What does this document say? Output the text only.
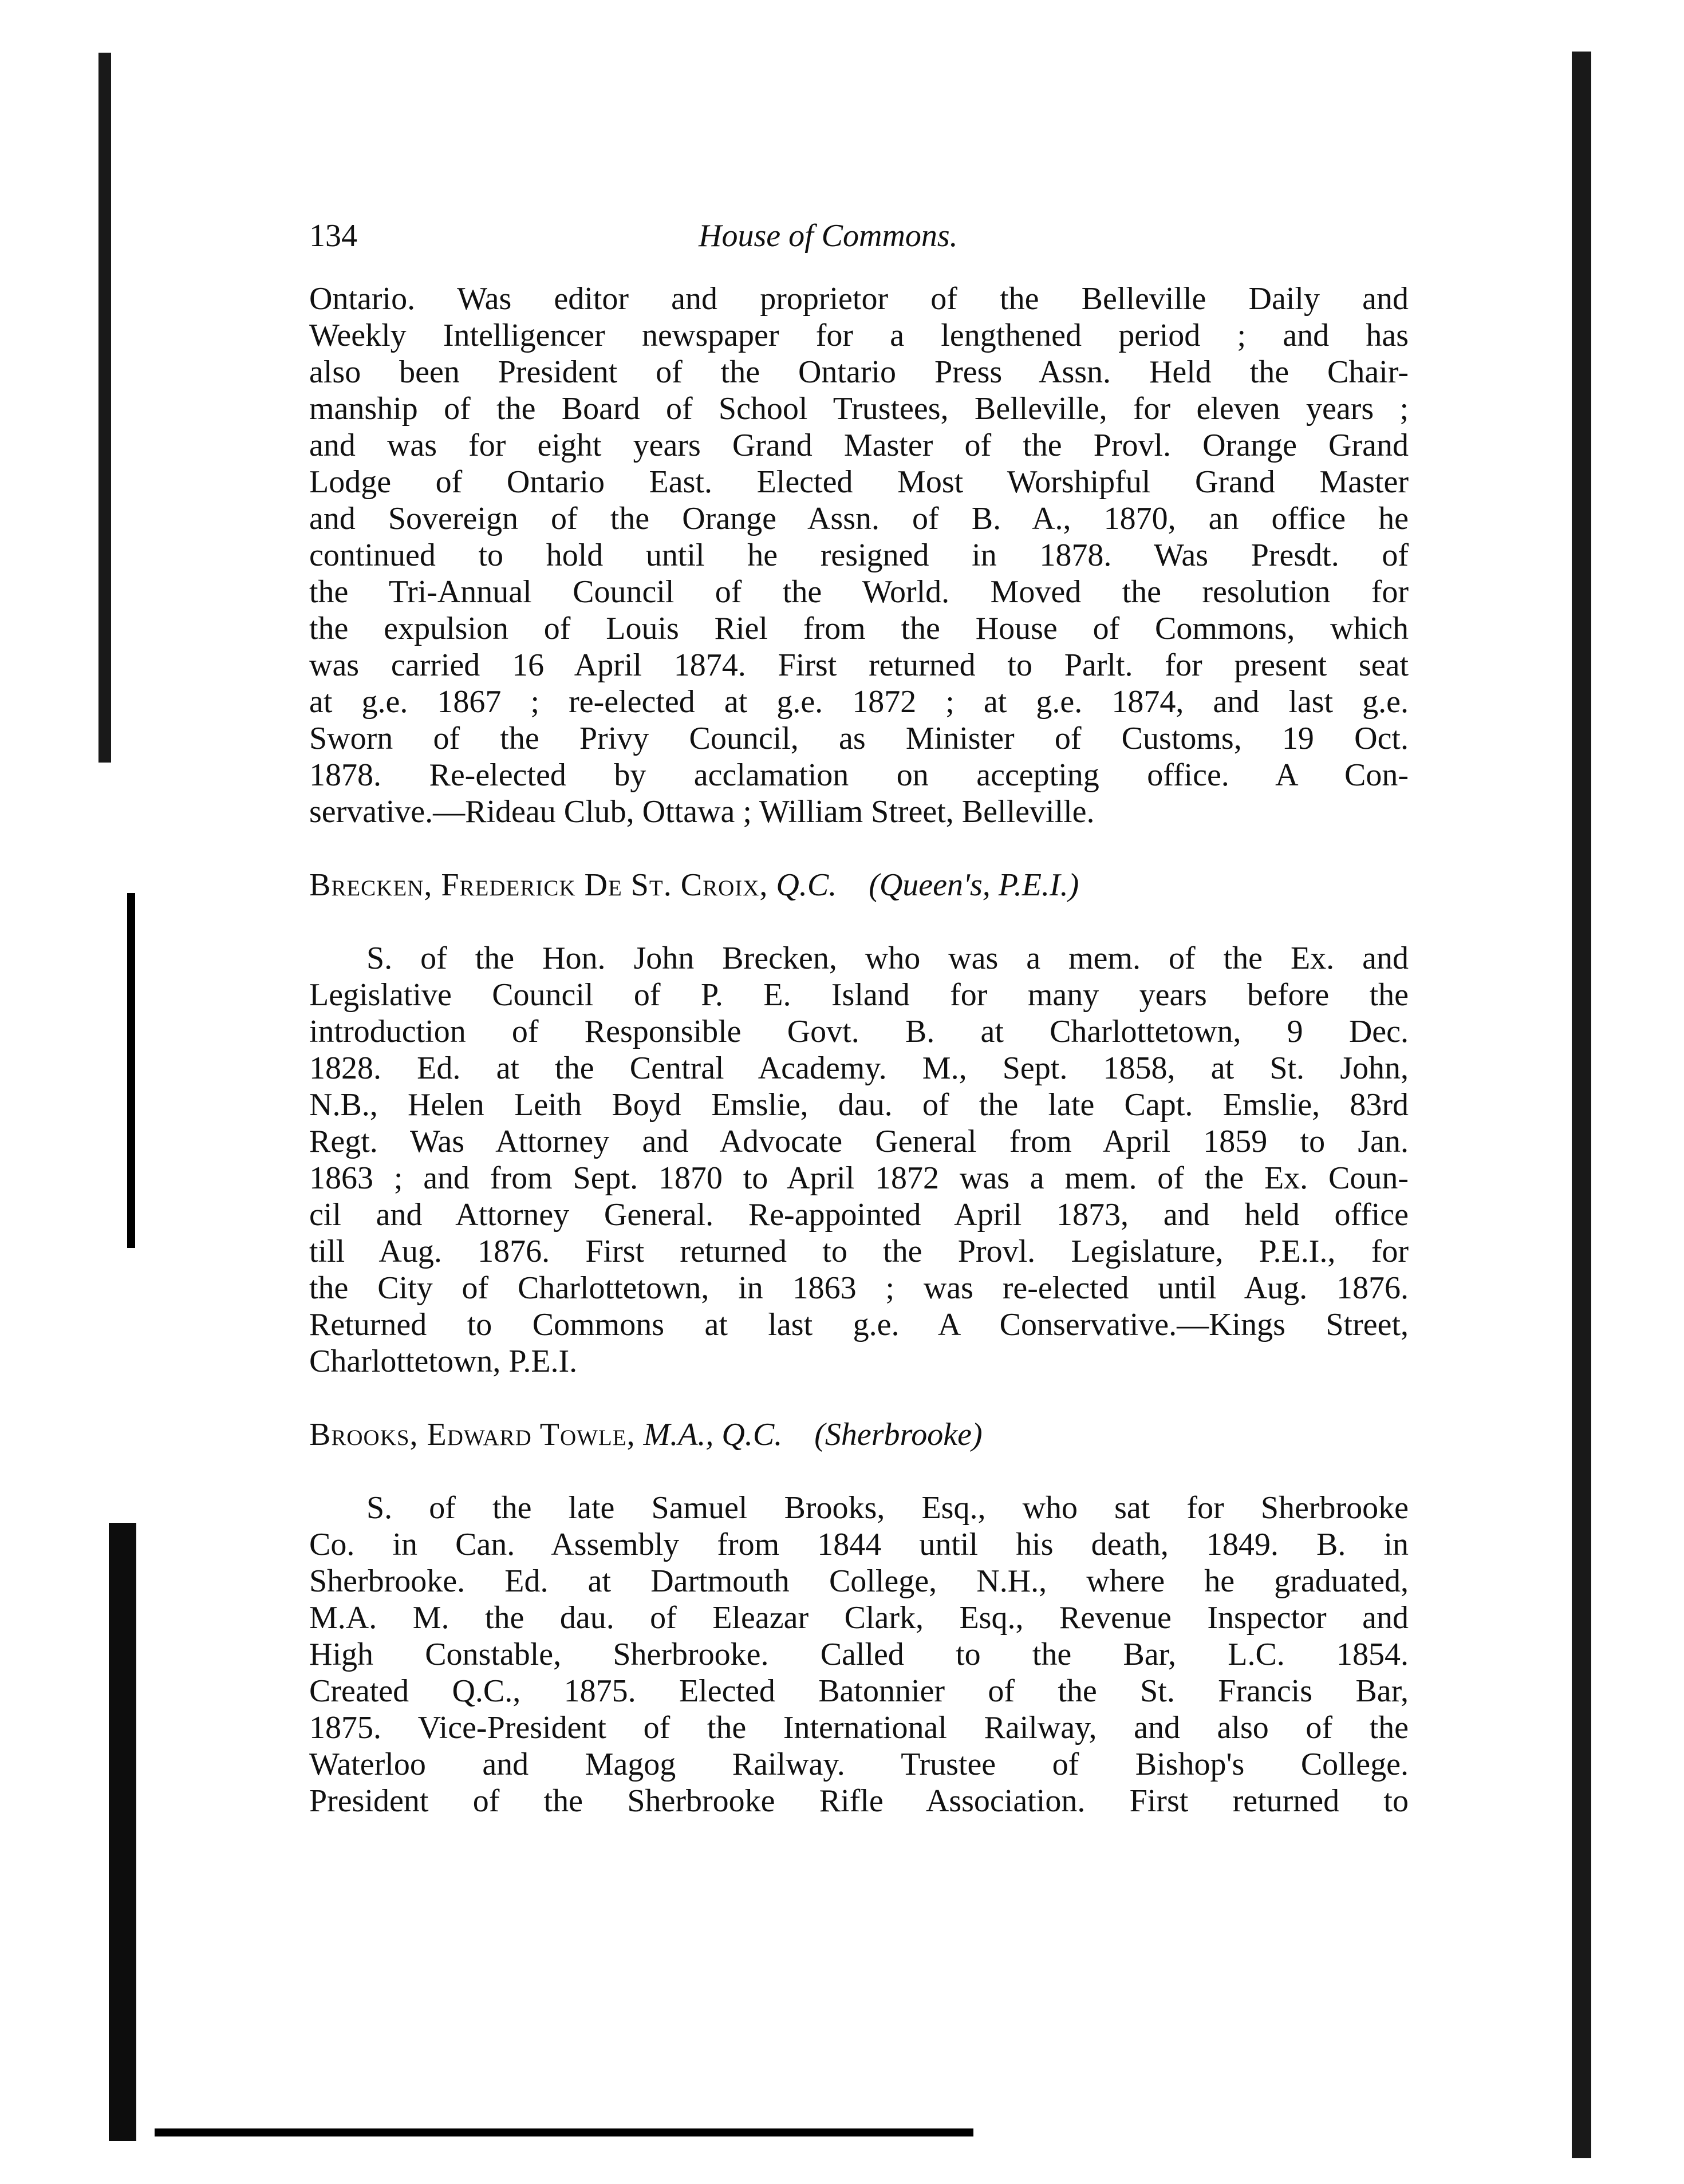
134	House of Commons.
Ontario. Was editor and proprietor of the Belleville Daily and
Weekly Intelligencer newspaper for a lengthened period ; and has
also been President of the Ontario Press Assn. Held the Chair-
manship of the Board of School Trustees, Belleville, for eleven years ;
and was for eight years Grand Master of the Provl. Orange Grand
Lodge of Ontario East. Elected Most Worshipful Grand Master
and Sovereign of the Orange Assn. of B. A., 1870, an office he
continued to hold until he resigned in 1878. Was Presdt. of
the Tri-Annual Council of the World. Moved the resolution for
the expulsion of Louis Riel from the House of Commons, which
was carried 16 April 1874. First returned to Parlt. for present seat
at g.e. 1867 ; re-elected at g.e. 1872 ; at g.e. 1874, and last g.e.
Sworn of the Privy Council, as Minister of Customs, 19 Oct.
1878. Re-elected by acclamation on accepting office. A Con-
servative.—Rideau Club, Ottawa ; William Street, Belleville.
Brecken, Frederick De St. Croix, Q.C. (Queen's, P.E.I.)
S. of the Hon. John Brecken, who was a mem. of the Ex. and
Legislative Council of P. E. Island for many years before the
introduction of Responsible Govt. B. at Charlottetown, 9 Dec.
1828. Ed. at the Central Academy. M., Sept. 1858, at St. John,
N.B., Helen Leith Boyd Emslie, dau. of the late Capt. Emslie, 83rd
Regt. Was Attorney and Advocate General from April 1859 to Jan.
1863 ; and from Sept. 1870 to April 1872 was a mem. of the Ex. Coun-
cil and Attorney General. Re-appointed April 1873, and held office
till Aug. 1876. First returned to the Provl. Legislature, P.E.I., for
the City of Charlottetown, in 1863 ; was re-elected until Aug. 1876.
Returned to Commons at last g.e. A Conservative.—Kings Street,
Charlottetown, P.E.I.
Brooks, Edward Towle, M.A., Q.C. (Sherbrooke)
S. of the late Samuel Brooks, Esq., who sat for Sherbrooke
Co. in Can. Assembly from 1844 until his death, 1849. B. in
Sherbrooke. Ed. at Dartmouth College, N.H., where he graduated,
M.A. M. the dau. of Eleazar Clark, Esq., Revenue Inspector and
High Constable, Sherbrooke. Called to the Bar, L.C. 1854.
Created Q.C., 1875. Elected Batonnier of the St. Francis Bar,
1875. Vice-President of the International Railway, and also of the
Waterloo and Magog Railway. Trustee of Bishop's College.
President of the Sherbrooke Rifle Association. First returned to
